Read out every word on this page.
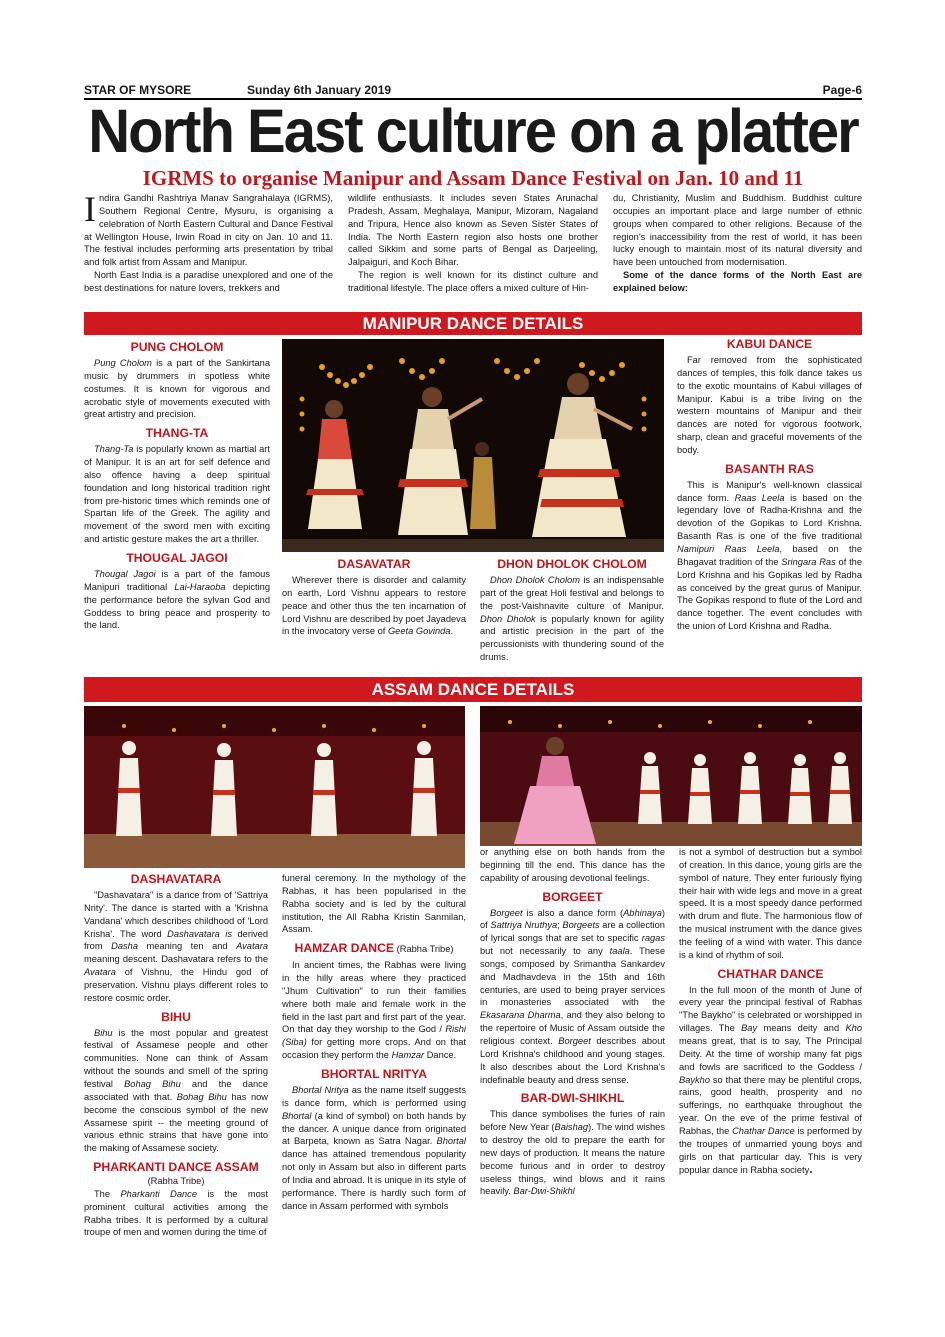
STAR OF MYSORE	Sunday 6th January 2019	Page-6
North East culture on a platter
IGRMS to organise Manipur and Assam Dance Festival on Jan. 10 and 11

Indira Gandhi Rashtriya Manav Sangrahalaya (IGRMS), Southern Regional Centre, Mysuru, is organising a celebration of North Eastern Cultural and Dance Festival at Wellington House, Irwin Road in city on Jan. 10 and 11. The festival includes performing arts presentation by tribal and folk artist from Assam and Manipur.

North East India is a paradise unexplored and one of the best destinations for nature lovers, trekkers and

wildlife enthusiasts. It includes seven States Arunachal Pradesh, Assam, Meghalaya, Manipur, Mizoram, Nagaland and Tripura, Hence also known as Seven Sister States of India. The North Eastern region also hosts one brother called Sikkim and some parts of Bengal as Darjeeling, Jalpaiguri, and Koch Bihar.

The region is well known for its distinct culture and traditional lifestyle. The place offers a mixed culture of Hin-

du, Christianity, Muslim and Buddhism. Buddhist culture occupies an important place and large number of ethnic groups when compared to other religions. Because of the region's inaccessibility from the rest of world, it has been lucky enough to maintain most of its natural diversity and have been untouched from modernisation.

Some of the dance forms of the North East are explained below:

MANIPUR DANCE DETAILS
PUNG CHOLOM

Pung Cholom is a part of the Sankirtana music by drummers in spotless white costumes. It is known for vigorous and acrobatic style of movements executed with great artistry and precision.

THANG-TA

Thang-Ta is popularly known as martial art of Manipur. It is an art for self defence and also offence having a deep spiritual foundation and long historical tradition right from pre-historic times which reminds one of Spartan life of the Greek. The agility and movement of the sword men with exciting and artistic gesture makes the art a thriller.

THOUGAL JAGOI

Thougal Jagoi is a part of the famous Manipuri traditional Lai-Haraoba depicting the performance before the sylvan God and Goddess to bring peace and prosperity to the land.

DASAVATAR

Wherever there is disorder and calamity on earth, Lord Vishnu appears to restore peace and other thus the ten incarnation of Lord Vishnu are described by poet Jayadeva in the invocatory verse of Geeta Govinda.

DHON DHOLOK CHOLOM

Dhon Dholok Cholom is an indispensable part of the great Holi festival and belongs to the post-Vaishnavite culture of Manipur. Dhon Dholok is popularly known for agility and artistic precision in the part of the percussionists with thundering sound of the drums.

KABUI DANCE

Far removed from the sophisticated dances of temples, this folk dance takes us to the exotic mountains of Kabui villages of Manipur. Kabui is a tribe living on the western mountains of Manipur and their dances are noted for vigorous footwork, sharp, clean and graceful movements of the body.

BASANTH RAS

This is Manipur's well-known classical dance form. Raas Leela is based on the legendary love of Radha-Krishna and the devotion of the Gopikas to Lord Krishna. Basanth Ras is one of the five traditional Namipuri Raas Leela, based on the Bhagavat tradition of the Sringara Ras of the Lord Krishna and his Gopikas led by Radha as conceived by the great gurus of Manipur. The Gopikas respond to flute of the Lord and dance together. The event concludes with the union of Lord Krishna and Radha.

ASSAM DANCE DETAILS
DASHAVATARA

"Dashavatara" is a dance from of 'Sattriya Nrity'. The dance is started with a 'Krishna Vandana' which describes childhood of 'Lord Krisha'. The word Dashavatara is derived from Dasha meaning ten and Avatara meaning descent. Dashavatara refers to the Avatara of Vishnu, the Hindu god of preservation. Vishnu plays different roles to restore cosmic order.

BIHU

Bihu is the most popular and greatest festival of Assamese people and other communities. None can think of Assam without the sounds and smell of the spring festival Bohag Bihu and the dance associated with that. Bohag Bihu has now become the conscious symbol of the new Assamese spirit -- the meeting ground of various ethnic strains that have gone into the making of Assamese society.

PHARKANTI DANCE ASSAM

(Rabha Tribe)

The Pharkanti Dance is the most prominent cultural activities among the Rabha tribes. It is performed by a cultural troupe of men and women during the time of

funeral ceremony. In the mythology of the Rabhas, it has been popularised in the Rabha society and is led by the cultural institution, the All Rabha Kristin Sanmilan, Assam.

HAMZAR DANCE (Rabha Tribe)

In ancient times, the Rabhas were living in the hilly areas where they practiced "Jhum Cultivation" to run their families where both male and female work in the field in the last part and first part of the year. On that day they worship to the God / Rishi (Siba) for getting more crops. And on that occasion they perform the Hamzar Dance.

BHORTAL NRITYA

Bhortal Nritya as the name itself suggests is dance form, which is performed using Bhortal (a kind of symbol) on both hands by the dancer. A unique dance from originated at Barpeta, known as Satra Nagar. Bhortal dance has attained tremendous popularity not only in Assam but also in different parts of India and abroad. It is unique in its style of performance. There is hardly such form of dance in Assam performed with symbols

or anything else on both hands from the beginning till the end. This dance has the capability of arousing devotional feelings.

BORGEET

Borgeet is also a dance form (Abhinaya) of Sattriya Nruthya; Borgeets are a collection of lyrical songs that are set to specific ragas but not necessarily to any taala. These songs, composed by Srimantha Sankardev and Madhavdeva in the 15th and 16th centuries, are used to being prayer services in monasteries associated with the Ekasarana Dharma, and they also belong to the repertoire of Music of Assam outside the religious context. Borgeet describes about Lord Krishna's childhood and young stages. It also describes about the Lord Krishna's indefinable beauty and dress sense.

BAR-DWI-SHIKHL

This dance symbolises the furies of rain before New Year (Baishag). The wind wishes to destroy the old to prepare the earth for new days of production. It means the nature become furious and in order to destroy useless things, wind blows and it rains heavily. Bar-Dwi-Shikhl

is not a symbol of destruction but a symbol of creation. In this dance, young girls are the symbol of nature. They enter furiously flying their hair with wide legs and move in a great speed. It is a most speedy dance performed with drum and flute. The harmonious flow of the musical instrument with the dance gives the feeling of a wind with water. This dance is a kind of rhythm of soil.

CHATHAR DANCE

In the full moon of the month of June of every year the principal festival of Rabhas "The Baykho" is celebrated or worshipped in villages. The Bay means deity and Kho means great, that is to say, The Principal Deity. At the time of worship many fat pigs and fowls are sacrificed to the Goddess / Baykho so that there may be plentiful crops, rains, good health, prosperity and no sufferings, no earthquake throughout the year. On the eve of the prime festival of Rabhas, the Chathar Dance is performed by the troupes of unmarried young boys and girls on that particular day. This is very popular dance in Rabha society.
